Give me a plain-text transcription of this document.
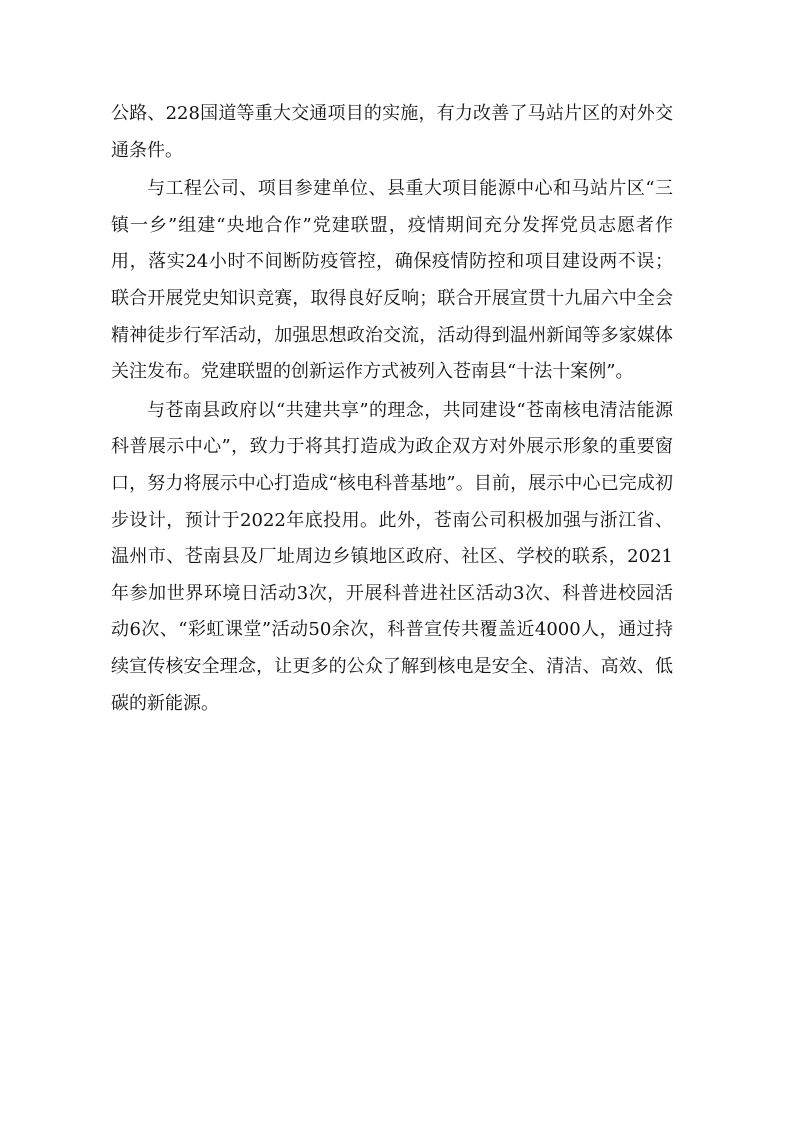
公路、228国道等重大交通项目的实施，有力改善了马站片区的对外交通条件。

与工程公司、项目参建单位、县重大项目能源中心和马站片区“三镇一乡”组建“央地合作”党建联盟，疫情期间充分发挥党员志愿者作用，落实24小时不间断防疫管控，确保疫情防控和项目建设两不误；联合开展党史知识竞赛，取得良好反响；联合开展宣贯十九届六中全会精神徒步行军活动，加强思想政治交流，活动得到温州新闻等多家媒体关注发布。党建联盟的创新运作方式被列入苍南县“十法十案例”。

与苍南县政府以“共建共享”的理念，共同建设“苍南核电清洁能源科普展示中心”，致力于将其打造成为政企双方对外展示形象的重要窗口，努力将展示中心打造成“核电科普基地”。目前，展示中心已完成初步设计，预计于2022年底投用。此外，苍南公司积极加强与浙江省、温州市、苍南县及厂址周边乡镇地区政府、社区、学校的联系，2021年参加世界环境日活动3次，开展科普进社区活动3次、科普进校园活动6次、“彩虹课堂”活动50余次，科普宣传共覆盖近4000人，通过持续宣传核安全理念，让更多的公众了解到核电是安全、清洁、高效、低碳的新能源。
